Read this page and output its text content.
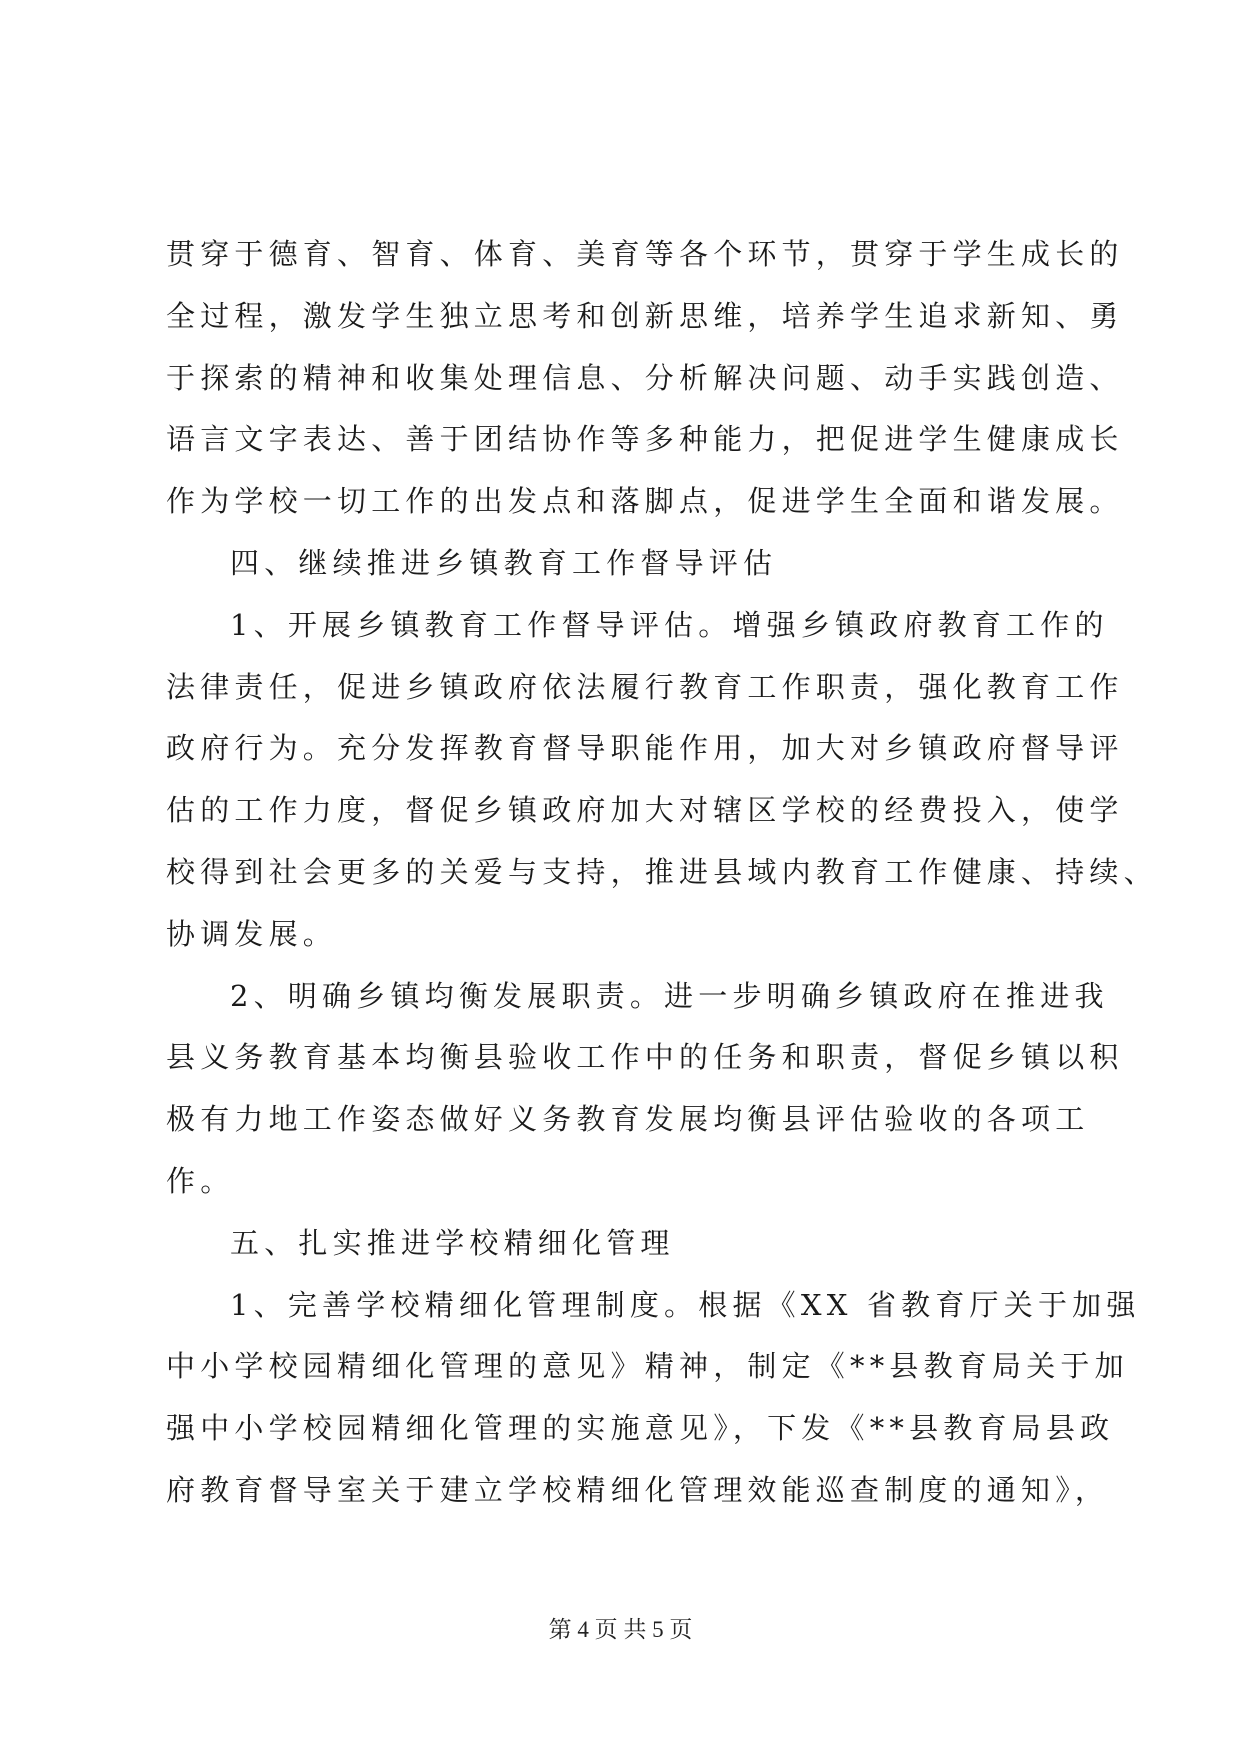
贯穿于德育、智育、体育、美育等各个环节，贯穿于学生成长的
全过程，激发学生独立思考和创新思维，培养学生追求新知、勇
于探索的精神和收集处理信息、分析解决问题、动手实践创造、
语言文字表达、善于团结协作等多种能力，把促进学生健康成长
作为学校一切工作的出发点和落脚点，促进学生全面和谐发展。
四、继续推进乡镇教育工作督导评估
1、开展乡镇教育工作督导评估。增强乡镇政府教育工作的
法律责任，促进乡镇政府依法履行教育工作职责，强化教育工作
政府行为。充分发挥教育督导职能作用，加大对乡镇政府督导评
估的工作力度，督促乡镇政府加大对辖区学校的经费投入，使学
校得到社会更多的关爱与支持，推进县域内教育工作健康、持续、
协调发展。
2、明确乡镇均衡发展职责。进一步明确乡镇政府在推进我
县义务教育基本均衡县验收工作中的任务和职责，督促乡镇以积
极有力地工作姿态做好义务教育发展均衡县评估验收的各项工
作。
五、扎实推进学校精细化管理
1、完善学校精细化管理制度。根据《XX 省教育厅关于加强
中小学校园精细化管理的意见》精神，制定《**县教育局关于加
强中小学校园精细化管理的实施意见》，下发《**县教育局县政
府教育督导室关于建立学校精细化管理效能巡查制度的通知》，
第 4 页 共 5 页
